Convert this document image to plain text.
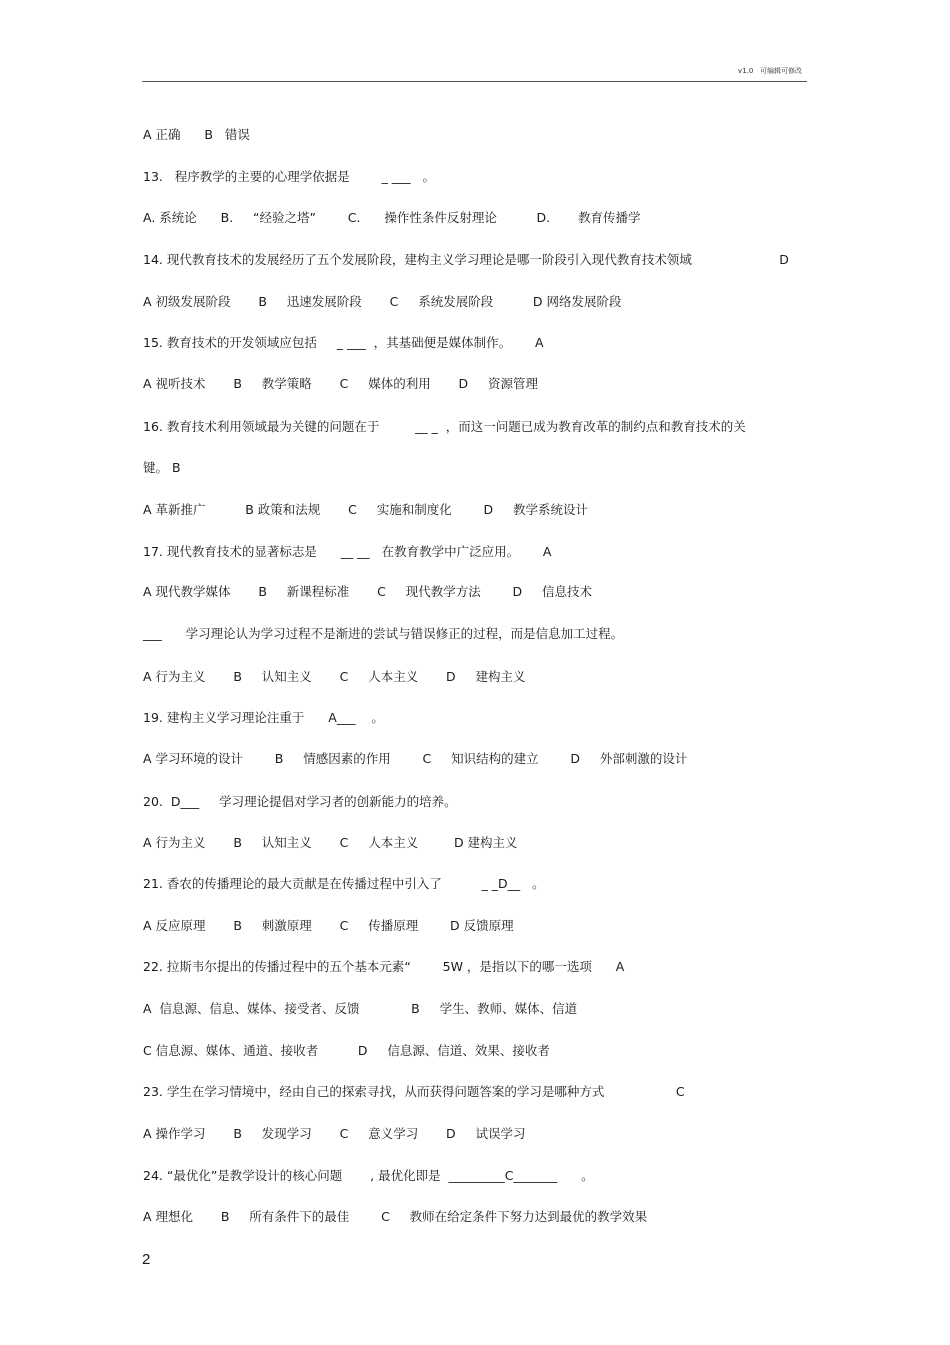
v1.0   可编辑可修改
A 正确      B   错误
13.   程序教学的主要的心理学依据是        _ ___   。
A. 系统论      B.     “经验之塔”        C.      操作性条件反射理论          D.       教育传播学
14. 现代教育技术的发展经历了五个发展阶段，建构主义学习理论是哪一阶段引入现代教育技术领域                      D
A 初级发展阶段       B     迅速发展阶段       C     系统发展阶段          D 网络发展阶段
15. 教育技术的开发领域应包括     _ ___  ，其基础便是媒体制作。      A
A 视听技术       B     教学策略       C     媒体的利用       D     资源管理
16. 教育技术利用领域最为关键的问题在于         __ _  ，而这一问题已成为教育改革的制约点和教育技术的关
键。 B
A 革新推广          B 政策和法规       C     实施和制度化        D     教学系统设计
17. 现代教育技术的显著标志是      __ __   在教育教学中广泛应用。      A
A 现代教学媒体       B     新课程标准       C     现代教学方法        D     信息技术
___      学习理论认为学习过程不是渐进的尝试与错误修正的过程，而是信息加工过程。
A 行为主义       B     认知主义       C     人本主义       D     建构主义
19. 建构主义学习理论注重于      A___    。
A 学习环境的设计        B     情感因素的作用        C     知识结构的建立        D     外部刺激的设计
20.  D___     学习理论提倡对学习者的创新能力的培养。
A 行为主义       B     认知主义       C     人本主义         D 建构主义
21. 香农的传播理论的最大贡献是在传播过程中引入了          _ _D__   。
A 反应原理       B     刺激原理       C     传播原理        D 反馈原理
22. 拉斯韦尔提出的传播过程中的五个基本元素“        5W ，是指以下的哪一选项      A
A  信息源、信息、媒体、接受者、反馈             B     学生、教师、媒体、信道
C 信息源、媒体、通道、接收者          D     信息源、信道、效果、接收者
23. 学生在学习情境中，经由自己的探索寻找，从而获得问题答案的学习是哪种方式                  C
A 操作学习       B     发现学习       C     意义学习       D     试误学习
24. “最优化”是教学设计的核心问题       , 最优化即是  _________C_______      。
A 理想化       B     所有条件下的最佳        C     教师在给定条件下努力达到最优的教学效果
2
